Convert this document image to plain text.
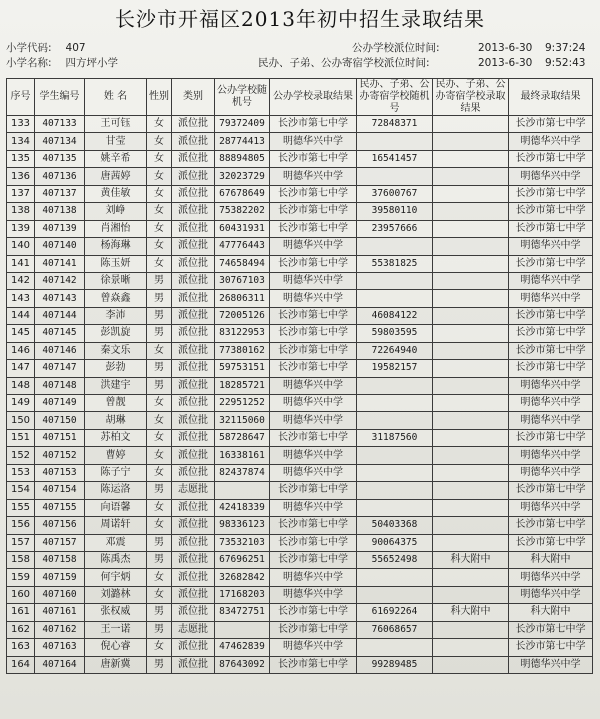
长沙市开福区2013年初中招生录取结果
小学代码: 407
小学名称: 四方坪小学
公办学校派位时间:	2013-6-30 9:37:24
民办、子弟、公办寄宿学校派位时间:	2013-6-30 9:52:43
序号	学生编号	姓 名	性别	类别	公办学校随机号	公办学校录取结果	民办、子弟、公办寄宿学校随机号	民办、子弟、公办寄宿学校录取结果	最终录取结果
133	407133	王可钰	女	派位批	79372409	长沙市第七中学	72848371		长沙市第七中学
134	407134	甘莹	女	派位批	28774413	明德华兴中学			明德华兴中学
135	407135	姚辛希	女	派位批	88894805	长沙市第七中学	16541457		长沙市第七中学
136	407136	唐茜婷	女	派位批	32023729	明德华兴中学			明德华兴中学
137	407137	黄佳敏	女	派位批	67678649	长沙市第七中学	37600767		长沙市第七中学
138	407138	刘峥	女	派位批	75382202	长沙市第七中学	39580110		长沙市第七中学
139	407139	肖湘怡	女	派位批	60431931	长沙市第七中学	23957666		长沙市第七中学
140	407140	杨海琳	女	派位批	47776443	明德华兴中学			明德华兴中学
141	407141	陈玉妍	女	派位批	74658494	长沙市第七中学	55381825		长沙市第七中学
142	407142	徐景晰	男	派位批	30767103	明德华兴中学			明德华兴中学
143	407143	曾焱鑫	男	派位批	26806311	明德华兴中学			明德华兴中学
144	407144	李沛	男	派位批	72005126	长沙市第七中学	46084122		长沙市第七中学
145	407145	彭凯旋	男	派位批	83122953	长沙市第七中学	59803595		长沙市第七中学
146	407146	秦文乐	女	派位批	77380162	长沙市第七中学	72264940		长沙市第七中学
147	407147	彭勃	男	派位批	59753151	长沙市第七中学	19582157		长沙市第七中学
148	407148	洪建宇	男	派位批	18285721	明德华兴中学			明德华兴中学
149	407149	曾靓	女	派位批	22951252	明德华兴中学			明德华兴中学
150	407150	胡琳	女	派位批	32115060	明德华兴中学			明德华兴中学
151	407151	苏柏文	女	派位批	58728647	长沙市第七中学	31187560		长沙市第七中学
152	407152	曹婷	女	派位批	16338161	明德华兴中学			明德华兴中学
153	407153	陈子宁	女	派位批	82437874	明德华兴中学			明德华兴中学
154	407154	陈运洛	男	志愿批		长沙市第七中学			长沙市第七中学
155	407155	向语馨	女	派位批	42418339	明德华兴中学			明德华兴中学
156	407156	周诺轩	女	派位批	98336123	长沙市第七中学	50403368		长沙市第七中学
157	407157	邓震	男	派位批	73532103	长沙市第七中学	90064375		长沙市第七中学
158	407158	陈禹杰	男	派位批	67696251	长沙市第七中学	55652498	科大附中	科大附中
159	407159	何宇炳	女	派位批	32682842	明德华兴中学			明德华兴中学
160	407160	刘潞林	女	派位批	17168203	明德华兴中学			明德华兴中学
161	407161	张权威	男	派位批	83472751	长沙市第七中学	61692264	科大附中	科大附中
162	407162	王一诺	男	志愿批		长沙市第七中学	76068657		长沙市第七中学
163	407163	倪心睿	女	派位批	47462839	明德华兴中学			长沙市第七中学
164	407164	唐新冀	男	派位批	87643092	长沙市第七中学	99289485		明德华兴中学
